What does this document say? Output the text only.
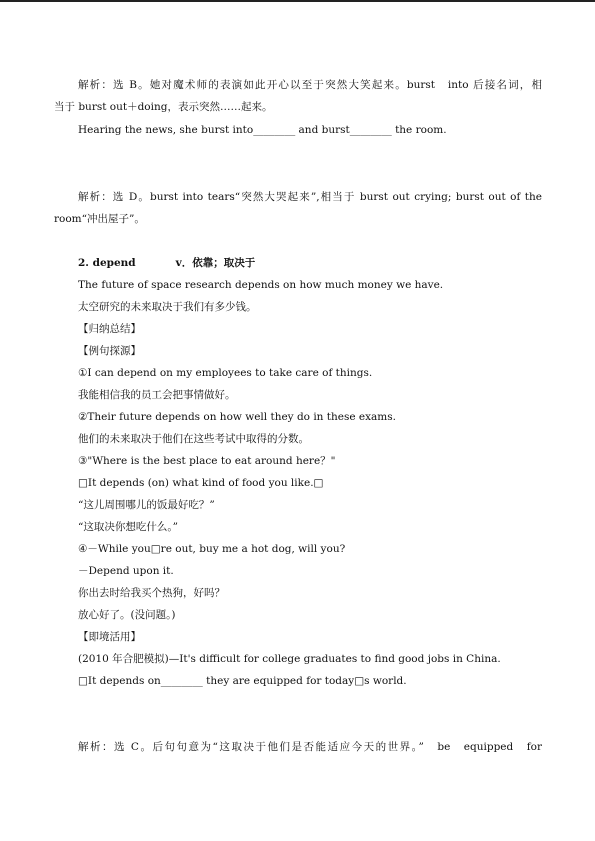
解析：选 B。她对魔术师的表演如此开心以至于突然大笑起来。burst　into 后接名词，相
当于 burst out＋doing，表示突然……起来。
Hearing the news, she burst into________ and burst________ the room.
解析：选 D。burst into tears“突然大哭起来”,相当于 burst out crying; burst out of the
room“冲出屋子”。
2. depend	v．依靠；取决于
The future of space research depends on how much money we have.
太空研究的未来取决于我们有多少钱。
【归纳总结】
【例句探源】
①I can depend on my employees to take care of things.
我能相信我的员工会把事情做好。
②Their future depends on how well they do in these exams.
他们的未来取决于他们在这些考试中取得的分数。
③"Where is the best place to eat around here？"
□It depends (on) what kind of food you like.□
“这儿周围哪儿的饭最好吃？”
“这取决你想吃什么。”
④－While you□re out, buy me a hot dog, will you?
－Depend upon it.
你出去时给我买个热狗，好吗？
放心好了。(没问题。)
【即境活用】
(2010 年合肥模拟)—It's difficult for college graduates to find good jobs in China.
□It depends on________ they are equipped for today□s world.
解析：选 C。后句句意为“这取决于他们是否能适应今天的世界。”　be　equipped　for
